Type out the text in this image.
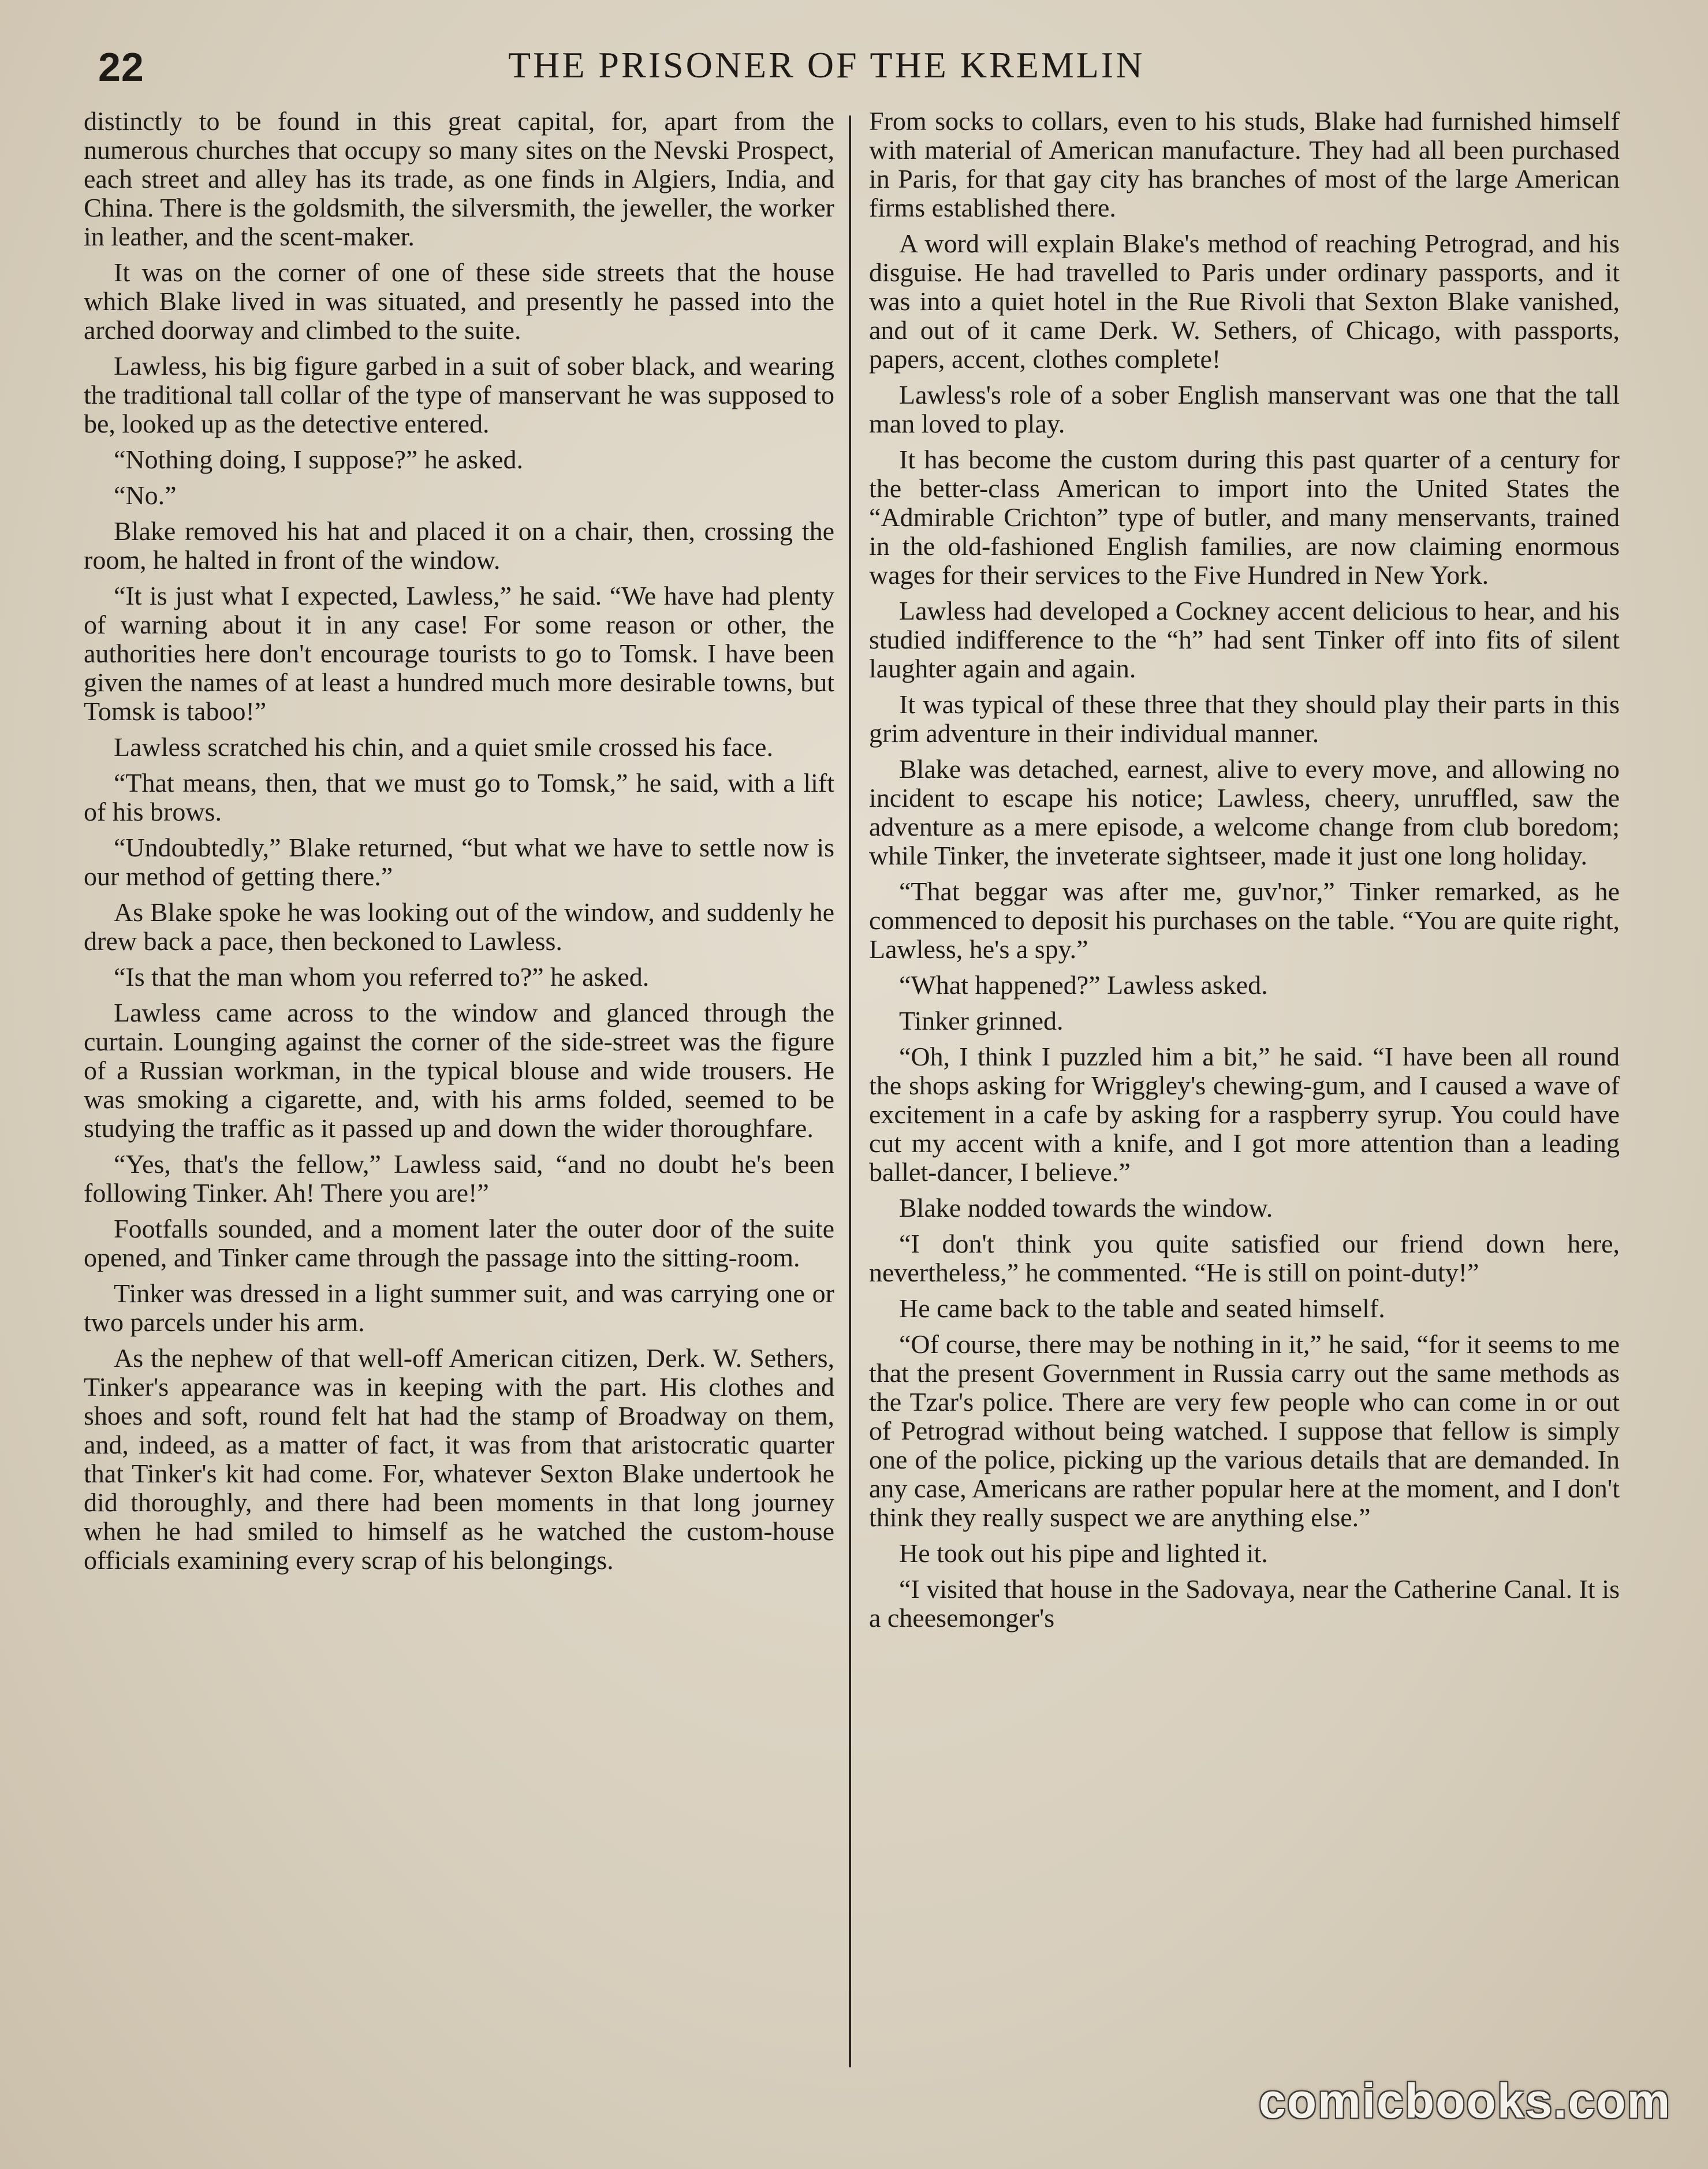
22	THE PRISONER OF THE KREMLIN

distinctly to be found in this great capital, for, apart from the numerous churches that occupy so many sites on the Nevski Prospect, each street and alley has its trade, as one finds in Algiers, India, and China. There is the goldsmith, the silversmith, the jeweller, the worker in leather, and the scent-maker.

It was on the corner of one of these side streets that the house which Blake lived in was situated, and presently he passed into the arched doorway and climbed to the suite.

Lawless, his big figure garbed in a suit of sober black, and wearing the traditional tall collar of the type of manservant he was supposed to be, looked up as the detective entered.

“Nothing doing, I suppose?” he asked.

“No.”

Blake removed his hat and placed it on a chair, then, crossing the room, he halted in front of the window.

“It is just what I expected, Lawless,” he said. “We have had plenty of warning about it in any case! For some reason or other, the authorities here don't encourage tourists to go to Tomsk. I have been given the names of at least a hundred much more desirable towns, but Tomsk is taboo!”

Lawless scratched his chin, and a quiet smile crossed his face.

“That means, then, that we must go to Tomsk,” he said, with a lift of his brows.

“Undoubtedly,” Blake returned, “but what we have to settle now is our method of getting there.”

As Blake spoke he was looking out of the window, and suddenly he drew back a pace, then beckoned to Lawless.

“Is that the man whom you referred to?” he asked.

Lawless came across to the window and glanced through the curtain. Lounging against the corner of the side-street was the figure of a Russian workman, in the typical blouse and wide trousers. He was smoking a cigarette, and, with his arms folded, seemed to be studying the traffic as it passed up and down the wider thoroughfare.

“Yes, that's the fellow,” Lawless said, “and no doubt he's been following Tinker. Ah! There you are!”

Footfalls sounded, and a moment later the outer door of the suite opened, and Tinker came through the passage into the sitting-room.

Tinker was dressed in a light summer suit, and was carrying one or two parcels under his arm.

As the nephew of that well-off American citizen, Derk. W. Sethers, Tinker's appearance was in keeping with the part. His clothes and shoes and soft, round felt hat had the stamp of Broadway on them, and, indeed, as a matter of fact, it was from that aristocratic quarter that Tinker's kit had come. For, whatever Sexton Blake undertook he did thoroughly, and there had been moments in that long journey when he had smiled to himself as he watched the custom-house officials examining every scrap of his belongings.

From socks to collars, even to his studs, Blake had furnished himself with material of American manufacture. They had all been purchased in Paris, for that gay city has branches of most of the large American firms established there.

A word will explain Blake's method of reaching Petrograd, and his disguise. He had travelled to Paris under ordinary passports, and it was into a quiet hotel in the Rue Rivoli that Sexton Blake vanished, and out of it came Derk. W. Sethers, of Chicago, with passports, papers, accent, clothes complete!

Lawless's role of a sober English manservant was one that the tall man loved to play.

It has become the custom during this past quarter of a century for the better-class American to import into the United States the “Admirable Crichton” type of butler, and many menservants, trained in the old-fashioned English families, are now claiming enormous wages for their services to the Five Hundred in New York.

Lawless had developed a Cockney accent delicious to hear, and his studied indifference to the “h” had sent Tinker off into fits of silent laughter again and again.

It was typical of these three that they should play their parts in this grim adventure in their individual manner.

Blake was detached, earnest, alive to every move, and allowing no incident to escape his notice; Lawless, cheery, unruffled, saw the adventure as a mere episode, a welcome change from club boredom; while Tinker, the inveterate sightseer, made it just one long holiday.

“That beggar was after me, guv'nor,” Tinker remarked, as he commenced to deposit his purchases on the table. “You are quite right, Lawless, he's a spy.”

“What happened?” Lawless asked.

Tinker grinned.

“Oh, I think I puzzled him a bit,” he said. “I have been all round the shops asking for Wriggley's chewing-gum, and I caused a wave of excitement in a cafe by asking for a raspberry syrup. You could have cut my accent with a knife, and I got more attention than a leading ballet-dancer, I believe.”

Blake nodded towards the window.

“I don't think you quite satisfied our friend down here, nevertheless,” he commented. “He is still on point-duty!”

He came back to the table and seated himself.

“Of course, there may be nothing in it,” he said, “for it seems to me that the present Government in Russia carry out the same methods as the Tzar's police. There are very few people who can come in or out of Petrograd without being watched. I suppose that fellow is simply one of the police, picking up the various details that are demanded. In any case, Americans are rather popular here at the moment, and I don't think they really suspect we are anything else.”

He took out his pipe and lighted it.

“I visited that house in the Sadovaya, near the Catherine Canal. It is a cheesemonger's

comicbooks.com
